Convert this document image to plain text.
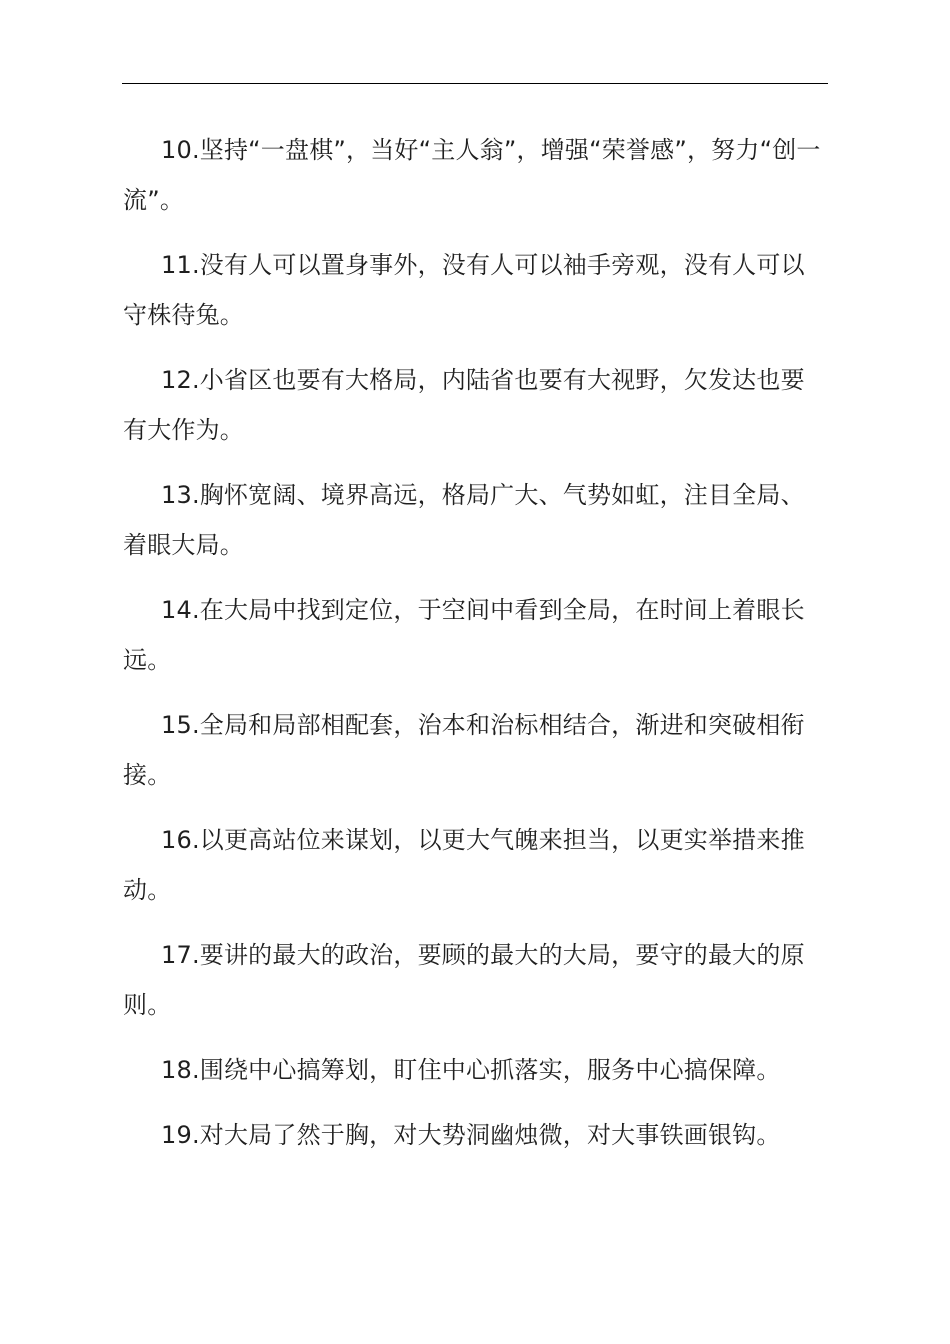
10.坚持“一盘棋”，当好“主人翁”，增强“荣誉感”，努力“创一流”。

11.没有人可以置身事外，没有人可以袖手旁观，没有人可以守株待兔。

12.小省区也要有大格局，内陆省也要有大视野，欠发达也要有大作为。

13.胸怀宽阔、境界高远，格局广大、气势如虹，注目全局、着眼大局。

14.在大局中找到定位，于空间中看到全局，在时间上着眼长远。

15.全局和局部相配套，治本和治标相结合，渐进和突破相衔接。

16.以更高站位来谋划，以更大气魄来担当，以更实举措来推动。

17.要讲的最大的政治，要顾的最大的大局，要守的最大的原则。

18.围绕中心搞筹划，盯住中心抓落实，服务中心搞保障。

19.对大局了然于胸，对大势洞幽烛微，对大事铁画银钩。
